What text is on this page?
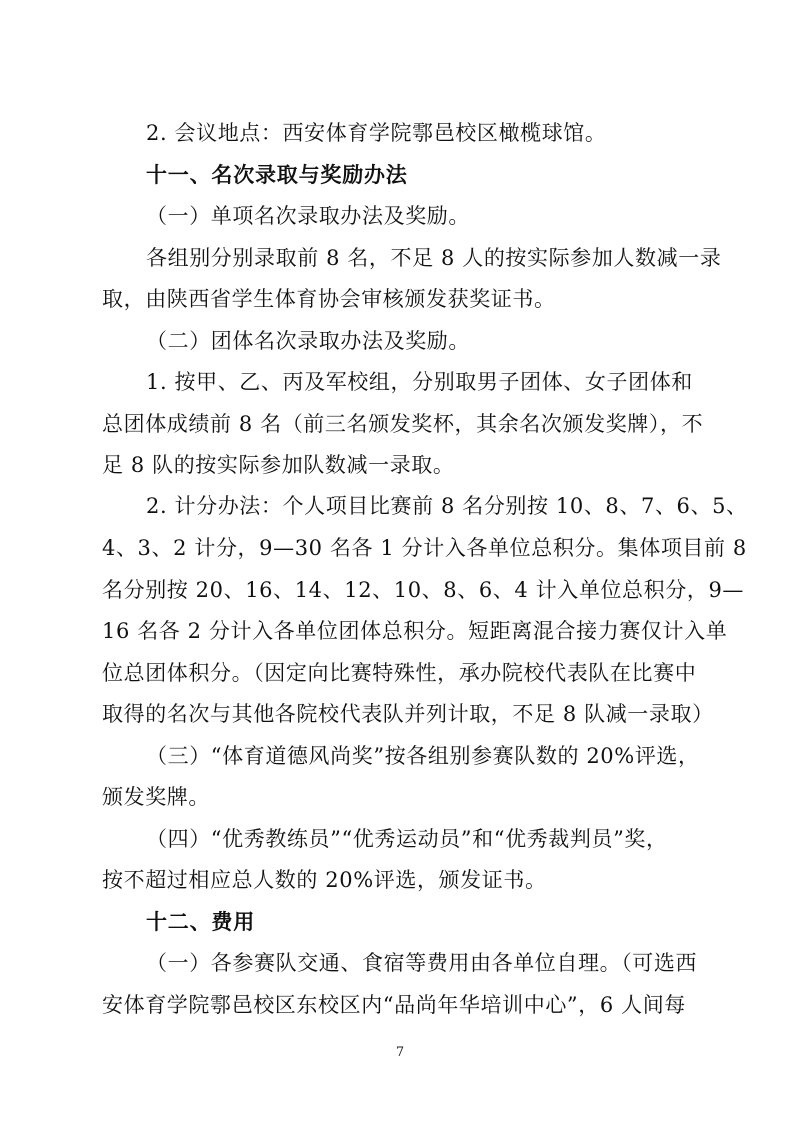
2. 会议地点：西安体育学院鄠邑校区橄榄球馆。
十一、名次录取与奖励办法
（一）单项名次录取办法及奖励。
各组别分别录取前 8 名，不足 8 人的按实际参加人数减一录
取，由陕西省学生体育协会审核颁发获奖证书。
（二）团体名次录取办法及奖励。
1. 按甲、乙、丙及军校组，分别取男子团体、女子团体和
总团体成绩前 8 名（前三名颁发奖杯，其余名次颁发奖牌），不
足 8 队的按实际参加队数减一录取。
2. 计分办法：个人项目比赛前 8 名分别按 10、8、7、6、5、
4、3、2 计分，9—30 名各 1 分计入各单位总积分。集体项目前 8
名分别按 20、16、14、12、10、8、6、4 计入单位总积分，9—
16 名各 2 分计入各单位团体总积分。短距离混合接力赛仅计入单
位总团体积分。（因定向比赛特殊性，承办院校代表队在比赛中
取得的名次与其他各院校代表队并列计取，不足 8 队减一录取）
（三）“体育道德风尚奖”按各组别参赛队数的 20%评选，
颁发奖牌。
（四）“优秀教练员”“优秀运动员”和“优秀裁判员”奖，
按不超过相应总人数的 20%评选，颁发证书。
十二、费用
（一）各参赛队交通、食宿等费用由各单位自理。（可选西
安体育学院鄠邑校区东校区内“品尚年华培训中心”，6 人间每
7
